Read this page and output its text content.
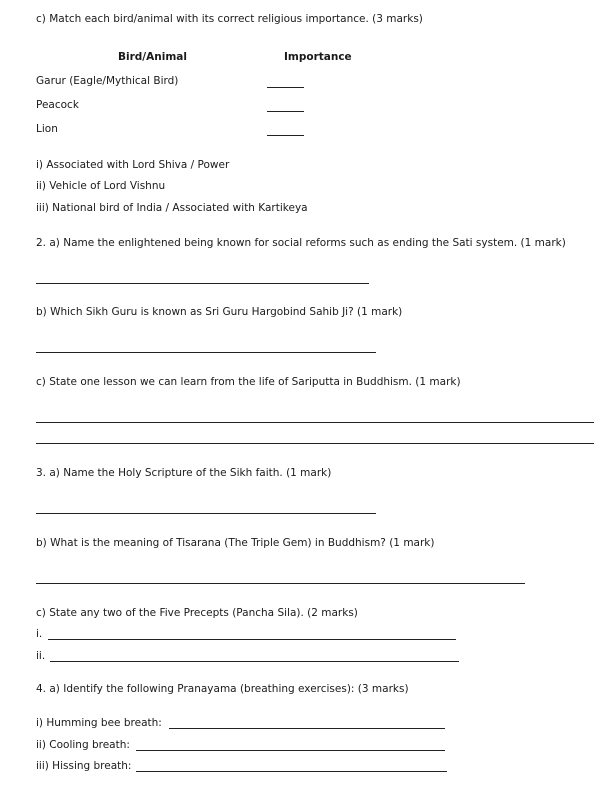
c) Match each bird/animal with its correct religious importance. (3 marks)
Bird/Animal	Importance
Garur (Eagle/Mythical Bird)
Peacock
Lion
i) Associated with Lord Shiva / Power
ii) Vehicle of Lord Vishnu
iii) National bird of India / Associated with Kartikeya
2. a) Name the enlightened being known for social reforms such as ending the Sati system. (1 mark)
b) Which Sikh Guru is known as Sri Guru Hargobind Sahib Ji? (1 mark)
c) State one lesson we can learn from the life of Sariputta in Buddhism. (1 mark)
3. a) Name the Holy Scripture of the Sikh faith. (1 mark)
b) What is the meaning of Tisarana (The Triple Gem) in Buddhism? (1 mark)
c) State any two of the Five Precepts (Pancha Sila). (2 marks)
i.
ii.
4. a) Identify the following Pranayama (breathing exercises): (3 marks)
i) Humming bee breath:
ii) Cooling breath:
iii) Hissing breath:
